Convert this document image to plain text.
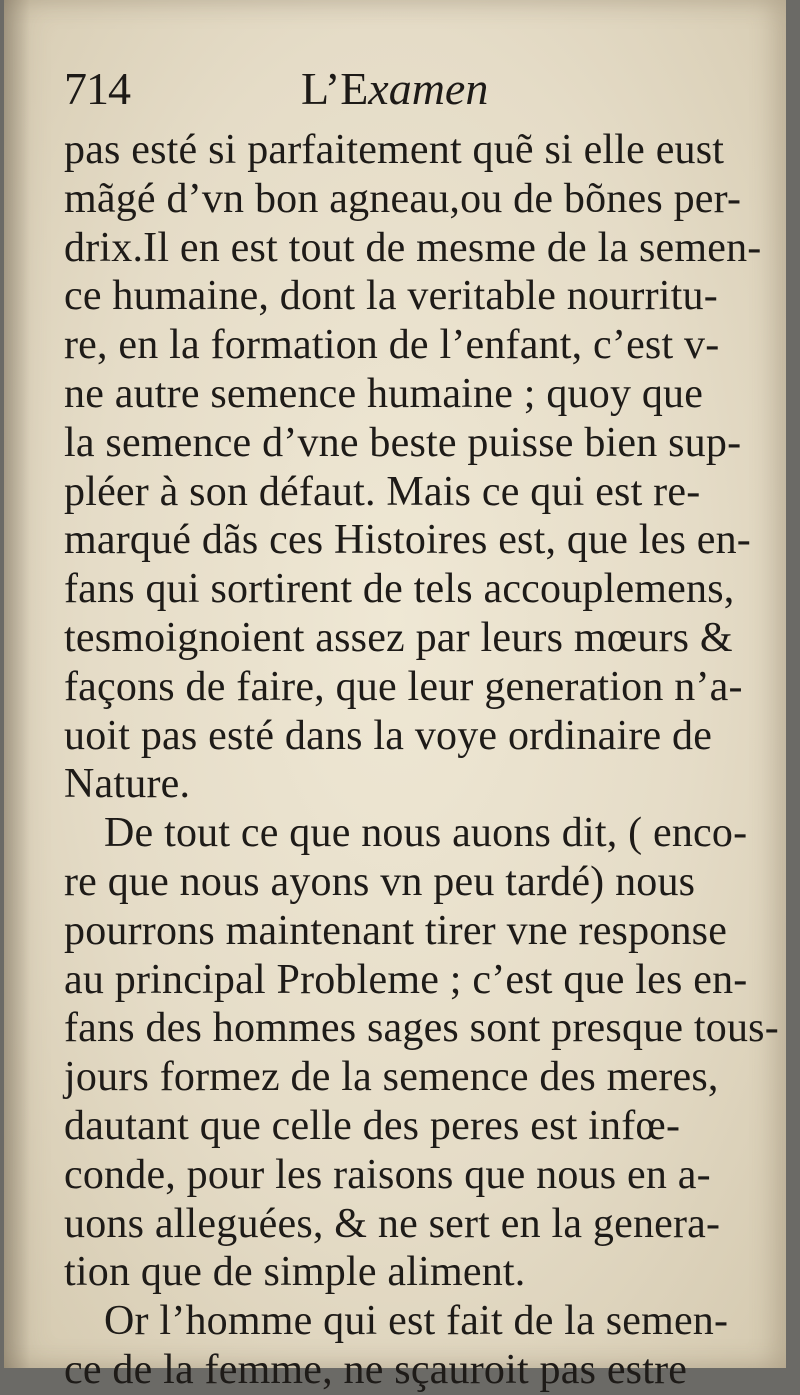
714	L’Examen
pas esté si parfaitement quẽ si elle eust
mãgé d’vn bon agneau,ou de bõnes per-
drix.Il en est tout de mesme de la semen-
ce humaine, dont la veritable nourritu-
re, en la formation de l’enfant, c’est v-
ne autre semence humaine ; quoy que
la semence d’vne beste puisse bien sup-
pléer à son défaut. Mais ce qui est re-
marqué dãs ces Histoires est, que les en-
fans qui sortirent de tels accouplemens,
tesmoignoient assez par leurs mœurs &
façons de faire, que leur generation n’a-
uoit pas esté dans la voye ordinaire de
Nature.
De tout ce que nous auons dit, ( enco-
re que nous ayons vn peu tardé) nous
pourrons maintenant tirer vne response
au principal Probleme ; c’est que les en-
fans des hommes sages sont presque tous-
jours formez de la semence des meres,
dautant que celle des peres est infœ-
conde, pour les raisons que nous en a-
uons alleguées, & ne sert en la genera-
tion que de simple aliment.
Or l’homme qui est fait de la semen-
ce de la femme, ne sçauroit pas estre
